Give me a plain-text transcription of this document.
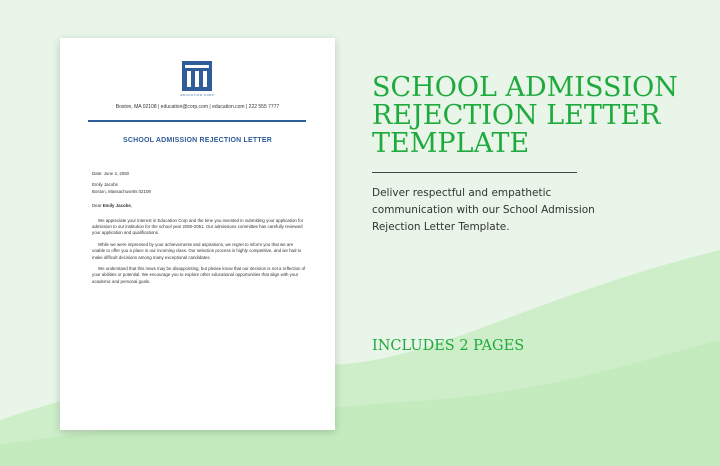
EDUCATION CORP
Boston, MA 02108 | education@corp.com | education.com | 222 555 7777
SCHOOL ADMISSION REJECTION LETTER

Date: June 2, 2050

Emily Jacobs
Boston, Massachusetts 02108

Dear Emily Jacobs,

We appreciate your interest in Education Corp and the time you invested in submitting your application for admission to our institution for the school year 2050-2051. Our admissions committee has carefully reviewed your application and qualifications.

While we were impressed by your achievements and aspirations, we regret to inform you that we are unable to offer you a place in our incoming class. Our selection process is highly competitive, and we had to make difficult decisions among many exceptional candidates.

We understand that this news may be disappointing, but please know that our decision is not a reflection of your abilities or potential. We encourage you to explore other educational opportunities that align with your academic and personal goals.

SCHOOL ADMISSION REJECTION LETTER TEMPLATE
Deliver respectful and empathetic communication with our School Admission Rejection Letter Template.
INCLUDES 2 PAGES
